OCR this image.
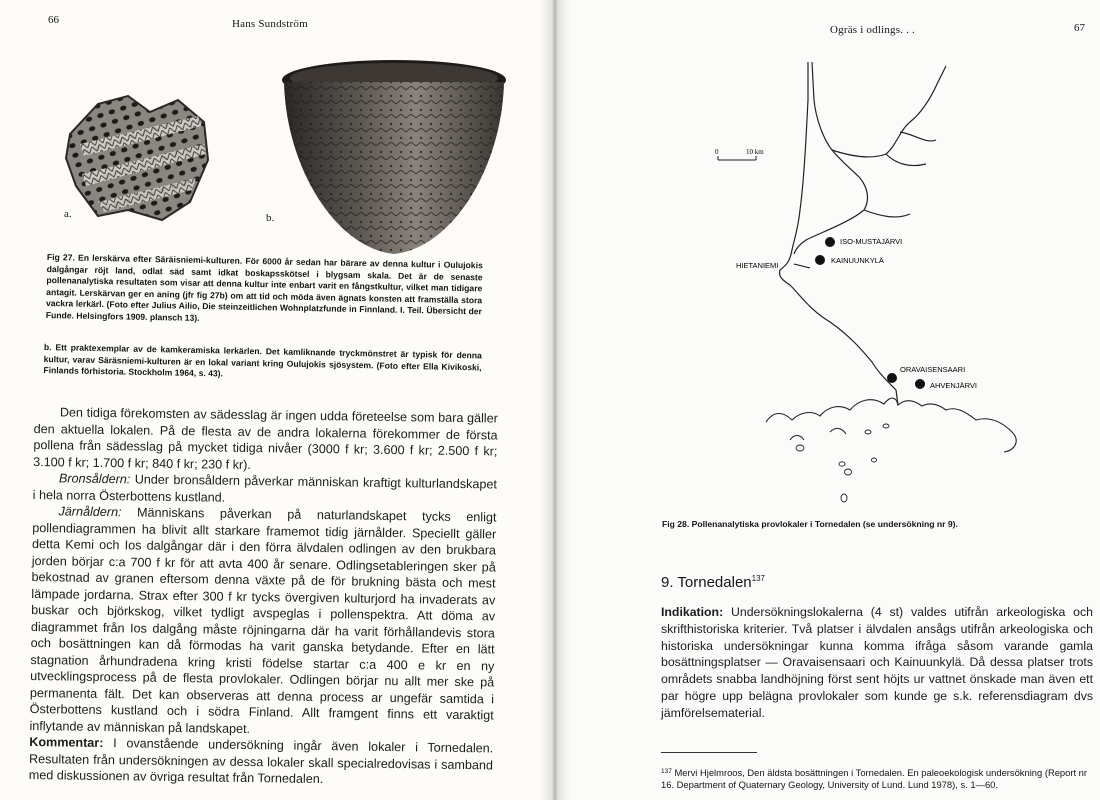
66	Hans Sundström
a.	b.
Fig 27. En lerskärva efter Säräisniemi-kulturen. För 6000 år sedan har bärare av denna kultur i Oulujokis dalgångar röjt land, odlat säd samt idkat boskapsskötsel i blygsam skala. Det är de senaste pollenanalytiska resultaten som visar att denna kultur inte enbart varit en fångstkultur, vilket man tidigare antagit. Lerskärvan ger en aning (jfr fig 27b) om att tid och möda även ägnats konsten att framställa stora vackra lerkärl. (Foto efter Julius Ailio, Die steinzeitlichen Wohnplatzfunde in Finnland. I. Teil. Übersicht der Funde. Helsingfors 1909. plansch 13).
b. Ett praktexemplar av de kamkeramiska lerkärlen. Det kamliknande tryckmönstret är typisk för denna kultur, varav Säräsniemi-kulturen är en lokal variant kring Oulujokis sjösystem. (Foto efter Ella Kivikoski, Finlands förhistoria. Stockholm 1964, s. 43).

Den tidiga förekomsten av sädesslag är ingen udda företeelse som bara gäller den aktuella lokalen. På de flesta av de andra lokalerna förekommer de första pollena från sädesslag på mycket tidiga nivåer (3000 f kr; 3.600 f kr; 2.500 f kr; 3.100 f kr; 1.700 f kr; 840 f kr; 230 f kr).

Bronsåldern: Under bronsåldern påverkar människan kraftigt kulturlandskapet i hela norra Österbottens kustland.

Järnåldern: Människans påverkan på naturlandskapet tycks enligt pollendiagrammen ha blivit allt starkare framemot tidig järnålder. Speciellt gäller detta Kemi och Ios dalgångar där i den förra älvdalen odlingen av den brukbara jorden börjar c:a 700 f kr för att avta 400 år senare. Odlingsetableringen sker på bekostnad av granen eftersom denna växte på de för brukning bästa och mest lämpade jordarna. Strax efter 300 f kr tycks övergiven kulturjord ha invaderats av buskar och björkskog, vilket tydligt avspeglas i pollenspektra. Att döma av diagrammet från Ios dalgång måste röjningarna där ha varit förhållandevis stora och bosättningen kan då förmodas ha varit ganska betydande. Efter en lätt stagnation århundradena kring kristi födelse startar c:a 400 e kr en ny utvecklingsprocess på de flesta provlokaler. Odlingen börjar nu allt mer ske på permanenta fält. Det kan observeras att denna process ar ungefär samtida i Österbottens kustland och i södra Finland. Allt framgent finns ett varaktigt inflytande av människan på landskapet.

Kommentar: I ovanstående undersökning ingår även lokaler i Tornedalen. Resultaten från undersökningen av dessa lokaler skall specialredovisas i samband med diskussionen av övriga resultat från Tornedalen.

Ogräs i odlings. . .	67
0	10 km
ISO-MUSTAJÄRVI
KAINUUNKYLÄ
HIETANIEMI
ORAVAISENSAARI
AHVENJÄRVI
Fig 28. Pollenanalytiska provlokaler i Tornedalen (se undersökning nr 9).
9. Tornedalen$^{137}$

Indikation: Undersökningslokalerna (4 st) valdes utifrån arkeologiska och skrifthistoriska kriterier. Två platser i älvdalen ansågs utifrån arkeologiska och historiska undersökningar kunna komma ifråga såsom varande gamla bosättningsplatser — Oravaisensaari och Kainuunkylä. Då dessa platser trots områdets snabba landhöjning först sent höjts ur vattnet önskade man även ett par högre upp belägna provlokaler som kunde ge s.k. referensdiagram dvs jämförelsematerial.

$^{137}$ Mervi Hjelmroos, Den äldsta bosättningen i Tornedalen. En paleoekologisk undersökning (Report nr 16. Department of Quaternary Geology, University of Lund. Lund 1978), s. 1—60.
